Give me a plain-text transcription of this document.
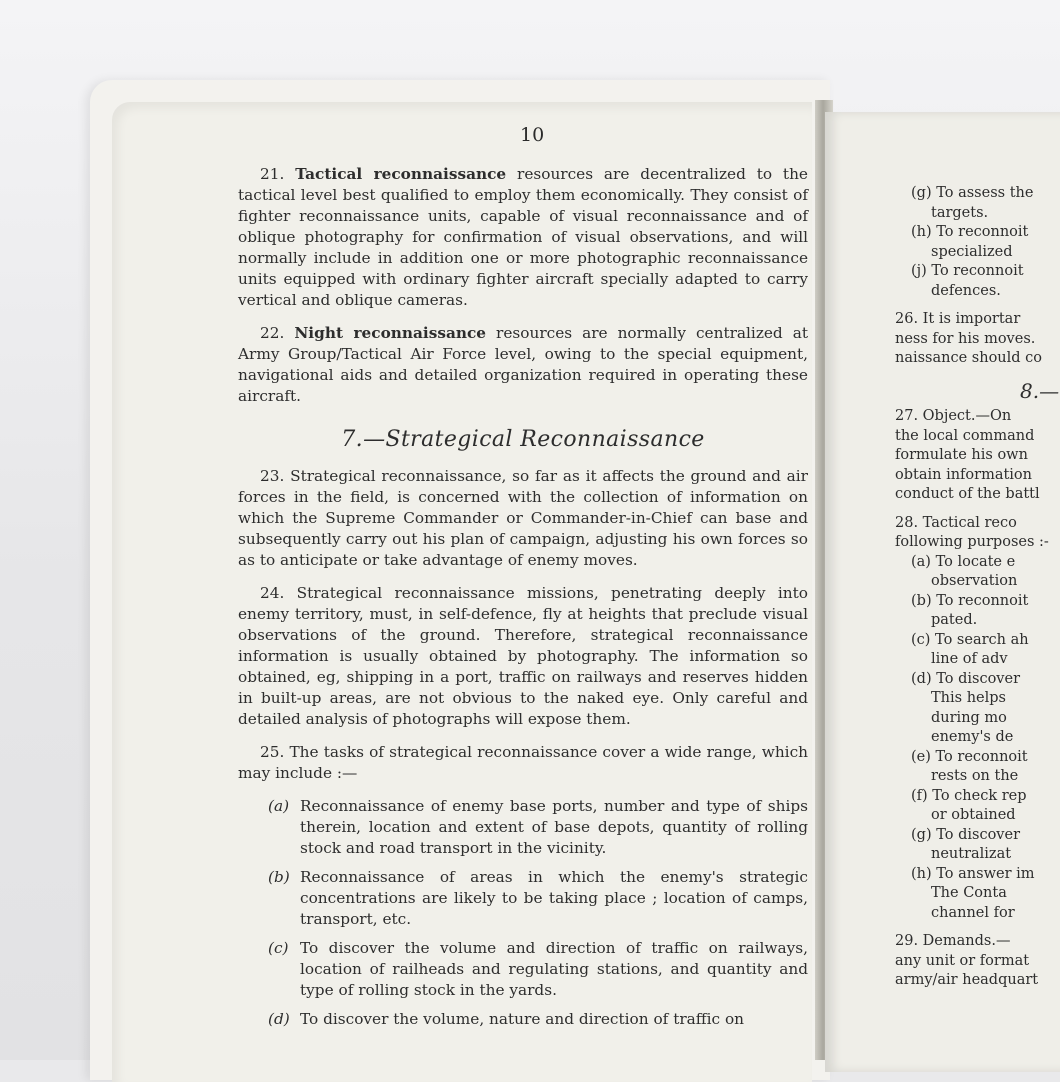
10

21. Tactical reconnaissance resources are decentralized to the tactical level best qualified to employ them economically. They consist of fighter reconnaissance units, capable of visual reconnaissance and of oblique photography for confirmation of visual observations, and will normally include in addition one or more photographic reconnaissance units equipped with ordinary fighter aircraft specially adapted to carry vertical and oblique cameras.

22. Night reconnaissance resources are normally centralized at Army Group/Tactical Air Force level, owing to the special equipment, navigational aids and detailed organization required in operating these aircraft.

7.—Strategical Reconnaissance

23. Strategical reconnaissance, so far as it affects the ground and air forces in the field, is concerned with the collection of information on which the Supreme Commander or Commander-in-Chief can base and subsequently carry out his plan of campaign, adjusting his own forces so as to anticipate or take advantage of enemy moves.

24. Strategical reconnaissance missions, penetrating deeply into enemy territory, must, in self-defence, fly at heights that preclude visual observations of the ground. Therefore, strategical reconnaissance information is usually obtained by photography. The information so obtained, eg, shipping in a port, traffic on railways and reserves hidden in built-up areas, are not obvious to the naked eye. Only careful and detailed analysis of photographs will expose them.

25. The tasks of strategical reconnaissance cover a wide range, which may include :—

(a) Reconnaissance of enemy base ports, number and type of ships therein, location and extent of base depots, quantity of rolling stock and road transport in the vicinity.
(b) Reconnaissance of areas in which the enemy's strategic concentrations are likely to be taking place ; location of camps, transport, etc.
(c) To discover the volume and direction of traffic on railways, location of railheads and regulating stations, and quantity and type of rolling stock in the yards.
(d) To discover the volume, nature and direction of traffic on
(g) To assess the
targets.
(h) To reconnoit
specialized
(j) To reconnoit
defences.
26. It is importar
ness for his moves.
naissance should co
8.—
27. Object.—On
the local command
formulate his own
obtain information
conduct of the battl
28. Tactical reco
following purposes :-
(a) To locate e
observation
(b) To reconnoit
pated.
(c) To search ah
line of adv
(d) To discover
This helps
during mo
enemy's de
(e) To reconnoit
rests on the
(f) To check rep
or obtained
(g) To discover
neutralizat
(h) To answer im
The Conta
channel for
29. Demands.—
any unit or format
army/air headquart
